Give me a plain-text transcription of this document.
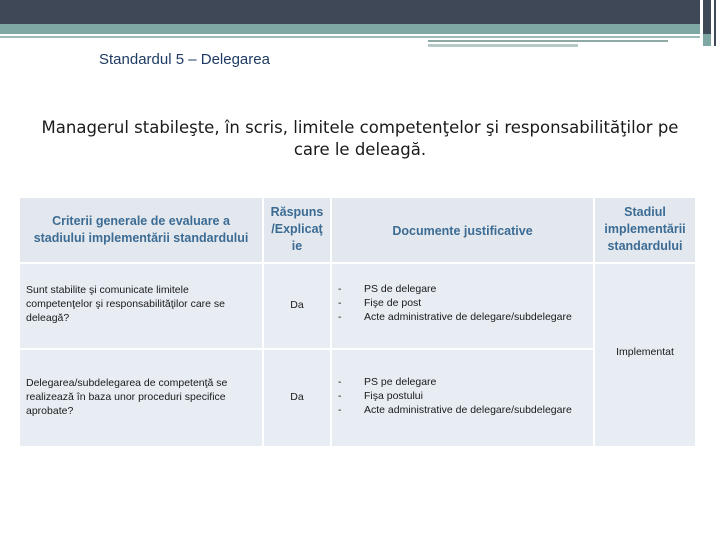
Standardul 5 – Delegarea
Managerul stabileşte, în scris, limitele competenţelor şi responsabilităţilor pe care le deleagă.
Criterii generale de evaluare a stadiului implementării standardului
Răspuns /Explicaţ ie
Documente justificative
Stadiul implementării standardului
Sunt stabilite şi comunicate limitele competenţelor şi responsabilităţilor care se deleagă?
Da
-
-
-
PS de delegare
Fişe de post
Acte administrative de delegare/subdelegare
Implementat
Delegarea/subdelegarea de competenţă se realizează în baza unor proceduri specifice aprobate?
Da
-
-
-
PS pe delegare
Fişa postului
Acte administrative de delegare/subdelegare
